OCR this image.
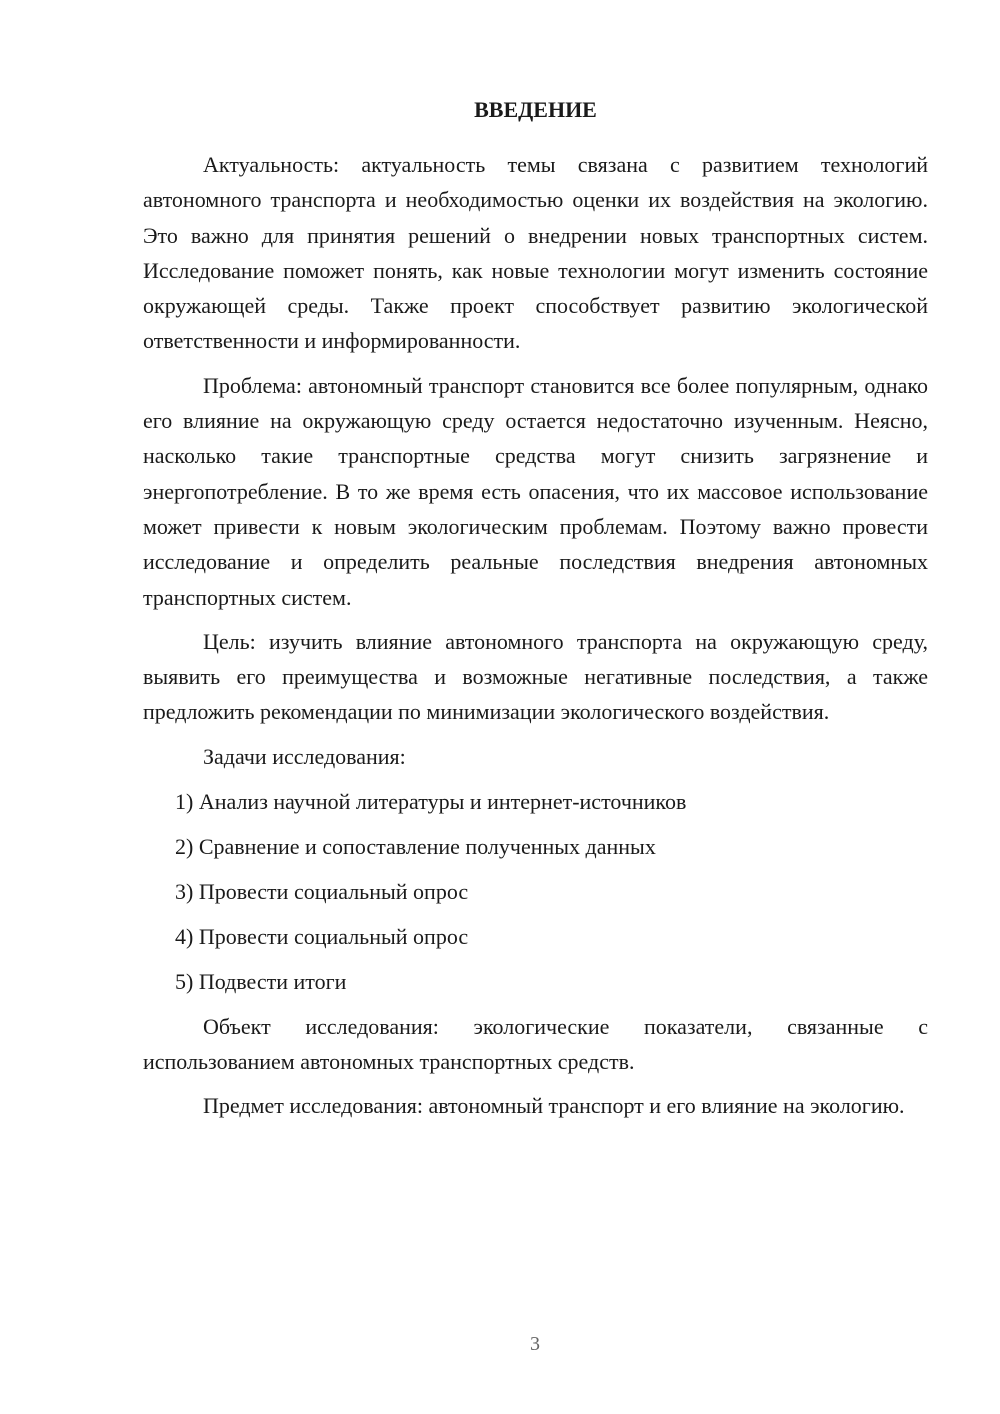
ВВЕДЕНИЕ

Актуальность: актуальность темы связана с развитием технологий автономного транспорта и необходимостью оценки их воздействия на экологию. Это важно для принятия решений о внедрении новых транспортных систем. Исследование поможет понять, как новые технологии могут изменить состояние окружающей среды. Также проект способствует развитию экологической ответственности и информированности.

Проблема: автономный транспорт становится все более популярным, однако его влияние на окружающую среду остается недостаточно изученным. Неясно, насколько такие транспортные средства могут снизить загрязнение и энергопотребление. В то же время есть опасения, что их массовое использование может привести к новым экологическим проблемам. Поэтому важно провести исследование и определить реальные последствия внедрения автономных транспортных систем.

Цель: изучить влияние автономного транспорта на окружающую среду, выявить его преимущества и возможные негативные последствия, а также предложить рекомендации по минимизации экологического воздействия.

Задачи исследования:
1) Анализ научной литературы и интернет-источников
2) Сравнение и сопоставление полученных данных
3) Провести социальный опрос
4) Провести социальный опрос
5) Подвести итоги

Объект исследования: экологические показатели, связанные с использованием автономных транспортных средств.

Предмет исследования: автономный транспорт и его влияние на экологию.

3
